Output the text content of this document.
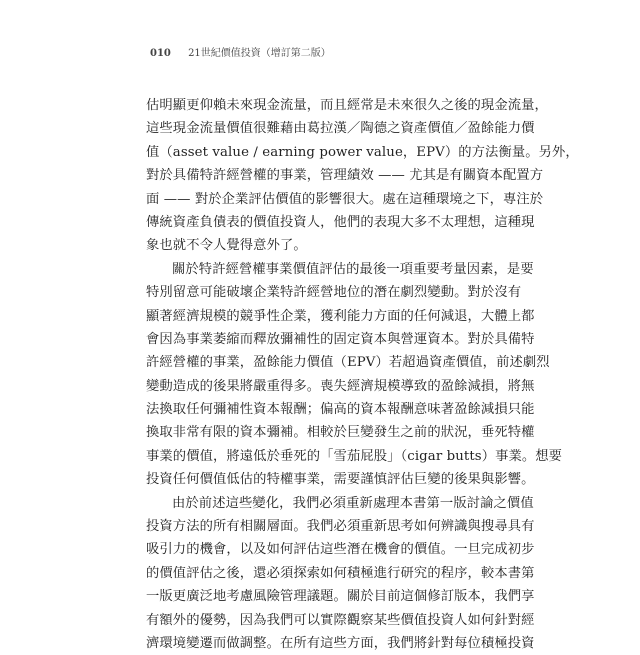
010 21世紀價值投資（增訂第二版）
估明顯更仰賴未來現金流量，而且經常是未來很久之後的現金流量，
這些現金流量價值很難藉由葛拉漢／陶德之資產價值／盈餘能力價
值（asset value / earning power value，EPV）的方法衡量。另外，
對於具備特許經營權的事業，管理績效 —— 尤其是有關資本配置方
面 —— 對於企業評估價值的影響很大。處在這種環境之下，專注於
傳統資產負債表的價值投資人，他們的表現大多不太理想，這種現
象也就不令人覺得意外了。
關於特許經營權事業價值評估的最後一項重要考量因素，是要
特別留意可能破壞企業特許經營地位的潛在劇烈變動。對於沒有
顯著經濟規模的競爭性企業，獲利能力方面的任何減退，大體上都
會因為事業萎縮而釋放彌補性的固定資本與營運資本。對於具備特
許經營權的事業，盈餘能力價值（EPV）若超過資產價值，前述劇烈
變動造成的後果將嚴重得多。喪失經濟規模導致的盈餘減損，將無
法換取任何彌補性資本報酬；偏高的資本報酬意味著盈餘減損只能
換取非常有限的資本彌補。相較於巨變發生之前的狀況，垂死特權
事業的價值，將遠低於垂死的「雪茄屁股」（cigar butts）事業。想要
投資任何價值低估的特權事業，需要謹慎評估巨變的後果與影響。
由於前述這些變化，我們必須重新處理本書第一版討論之價值
投資方法的所有相關層面。我們必須重新思考如何辨識與搜尋具有
吸引力的機會，以及如何評估這些潛在機會的價值。一旦完成初步
的價值評估之後，還必須探索如何積極進行研究的程序，較本書第
一版更廣泛地考慮風險管理議題。關於目前這個修訂版本，我們享
有額外的優勢，因為我們可以實際觀察某些價值投資人如何針對經
濟環境變遷而做調整。在所有這些方面，我們將針對每位積極投資
